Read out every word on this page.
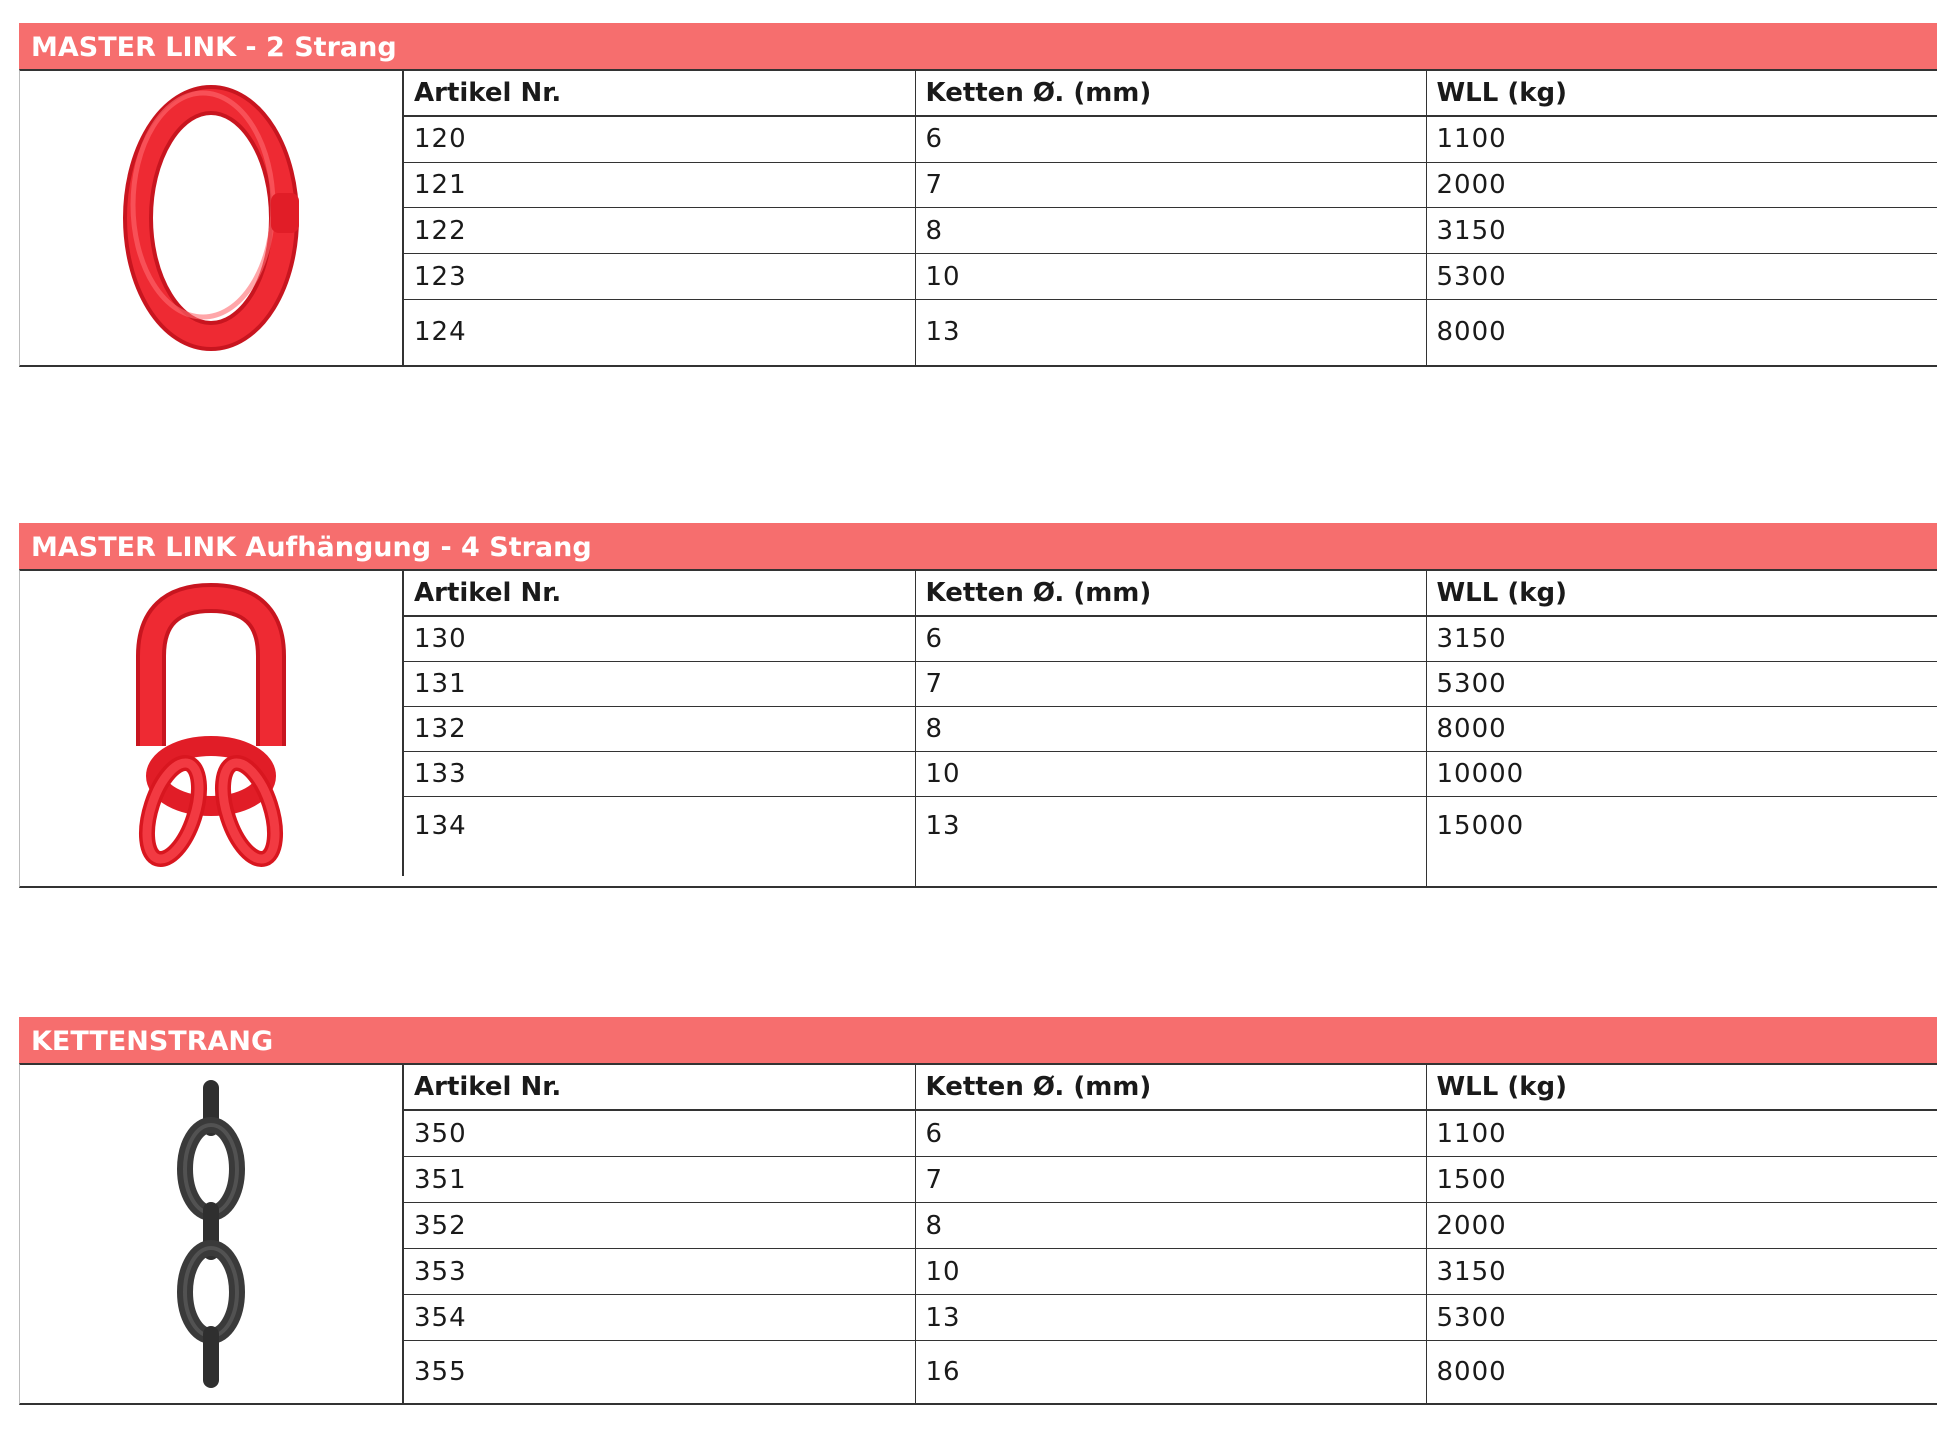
MASTER LINK - 2 Strang
Artikel Nr.	Ketten Ø. (mm)	WLL (kg)
120	6	1100
121	7	2000
122	8	3150
123	10	5300
124	13	8000
MASTER LINK Aufhängung - 4 Strang
Artikel Nr.	Ketten Ø. (mm)	WLL (kg)
130	6	3150
131	7	5300
132	8	8000
133	10	10000
134	13	15000
KETTENSTRANG
Artikel Nr.	Ketten Ø. (mm)	WLL (kg)
350	6	1100
351	7	1500
352	8	2000
353	10	3150
354	13	5300
355	16	8000
